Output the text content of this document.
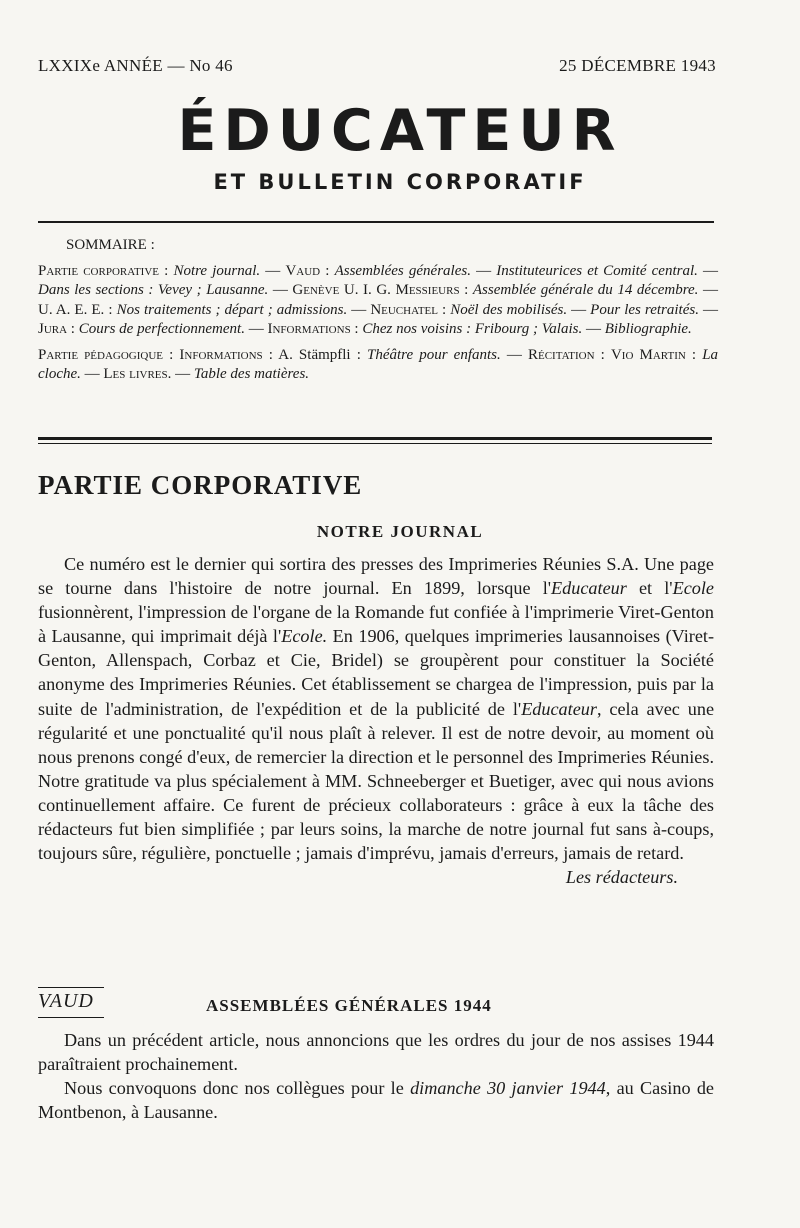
LXXIXe ANNÉE — No 46	25 DÉCEMBRE 1943
ÉDUCATEUR
ET BULLETIN CORPORATIF
SOMMAIRE :

Partie corporative : Notre journal. — Vaud : Assemblées générales. — Instituteurices et Comité central. — Dans les sections : Vevey ; Lausanne. — Genève U. I. G. Messieurs : Assemblée générale du 14 décembre. — U. A. E. E. : Nos traitements ; départ ; admissions. — Neuchatel : Noël des mobilisés. — Pour les retraités. — Jura : Cours de perfectionnement. — Informations : Chez nos voisins : Fribourg ; Valais. — Bibliographie.

Partie pédagogique : Informations : A. Stämpfli : Théâtre pour enfants. — Récitation : Vio Martin : La cloche. — Les livres. — Table des matières.

PARTIE CORPORATIVE
NOTRE JOURNAL

Ce numéro est le dernier qui sortira des presses des Imprimeries Réunies S.A. Une page se tourne dans l'histoire de notre journal. En 1899, lorsque l'Educateur et l'Ecole fusionnèrent, l'impression de l'organe de la Romande fut confiée à l'imprimerie Viret-Genton à Lausanne, qui imprimait déjà l'Ecole. En 1906, quelques imprimeries lausannoises (Viret-Genton, Allenspach, Corbaz et Cie, Bridel) se groupèrent pour constituer la Société anonyme des Imprimeries Réunies. Cet établissement se chargea de l'impression, puis par la suite de l'administration, de l'expédition et de la publicité de l'Educateur, cela avec une régularité et une ponctualité qu'il nous plaît à relever. Il est de notre devoir, au moment où nous prenons congé d'eux, de remercier la direction et le personnel des Imprimeries Réunies. Notre gratitude va plus spécialement à MM. Schneeberger et Buetiger, avec qui nous avions continuellement affaire. Ce furent de précieux collaborateurs : grâce à eux la tâche des rédacteurs fut bien simplifiée ; par leurs soins, la marche de notre journal fut sans à-coups, toujours sûre, régulière, ponctuelle ; jamais d'imprévu, jamais d'erreurs, jamais de retard.
Les rédacteurs.

VAUD	ASSEMBLÉES GÉNÉRALES 1944

Dans un précédent article, nous annoncions que les ordres du jour de nos assises 1944 paraîtraient prochainement.

Nous convoquons donc nos collègues pour le dimanche 30 janvier 1944, au Casino de Montbenon, à Lausanne.
